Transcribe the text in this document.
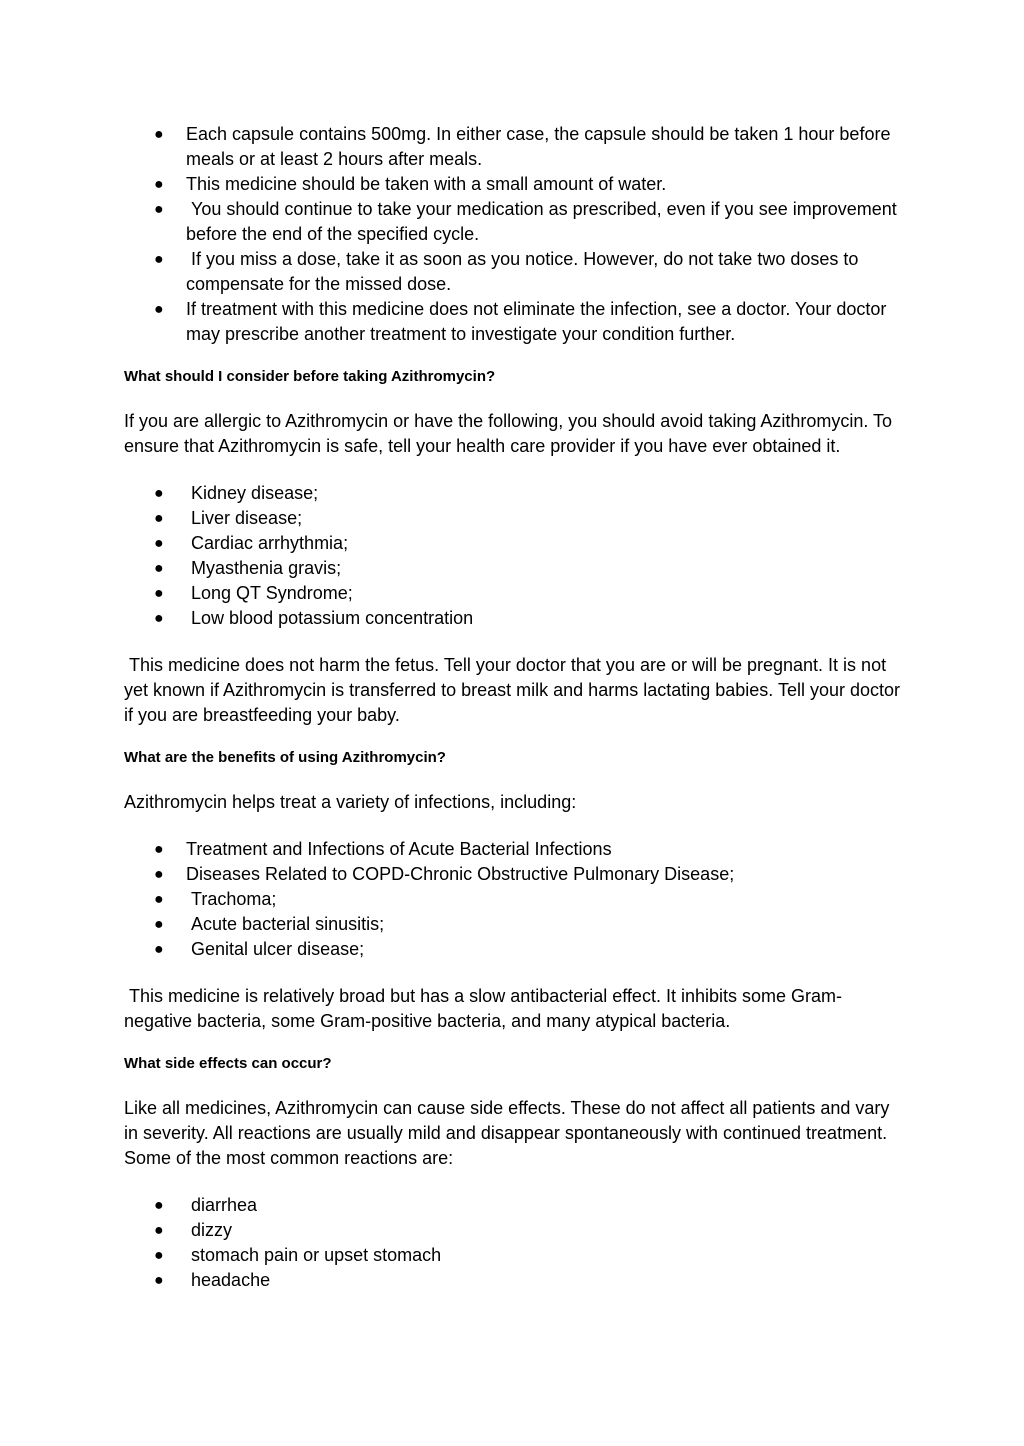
● Each capsule contains 500mg. In either case, the capsule should be taken 1 hour before meals or at least 2 hours after meals.
● This medicine should be taken with a small amount of water.
● You should continue to take your medication as prescribed, even if you see improvement before the end of the specified cycle.
● If you miss a dose, take it as soon as you notice. However, do not take two doses to compensate for the missed dose.
● If treatment with this medicine does not eliminate the infection, see a doctor. Your doctor may prescribe another treatment to investigate your condition further.
What should I consider before taking Azithromycin?

If you are allergic to Azithromycin or have the following, you should avoid taking Azithromycin. To ensure that Azithromycin is safe, tell your health care provider if you have ever obtained it.

● Kidney disease;
● Liver disease;
● Cardiac arrhythmia;
● Myasthenia gravis;
● Long QT Syndrome;
● Low blood potassium concentration

This medicine does not harm the fetus. Tell your doctor that you are or will be pregnant. It is not yet known if Azithromycin is transferred to breast milk and harms lactating babies. Tell your doctor if you are breastfeeding your baby.

What are the benefits of using Azithromycin?

Azithromycin helps treat a variety of infections, including:

● Treatment and Infections of Acute Bacterial Infections
● Diseases Related to COPD-Chronic Obstructive Pulmonary Disease;
● Trachoma;
● Acute bacterial sinusitis;
● Genital ulcer disease;

This medicine is relatively broad but has a slow antibacterial effect. It inhibits some Gram-negative bacteria, some Gram-positive bacteria, and many atypical bacteria.

What side effects can occur?

Like all medicines, Azithromycin can cause side effects. These do not affect all patients and vary in severity. All reactions are usually mild and disappear spontaneously with continued treatment. Some of the most common reactions are:

● diarrhea
● dizzy
● stomach pain or upset stomach
● headache
